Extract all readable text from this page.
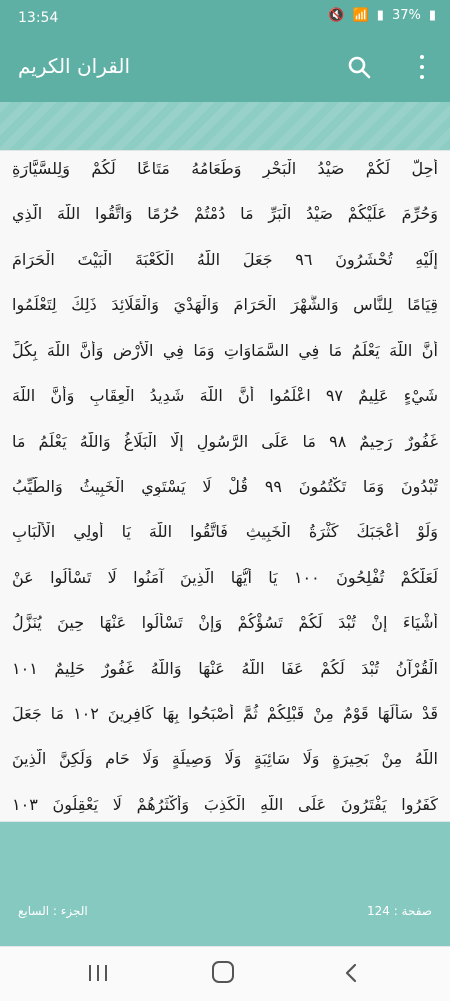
13:54	🔇 📶 ▮ 37% ▮
القران الكريم
أُحِلَّ لَكُمْ صَيْدُ الْبَحْرِ وَطَعَامُهُ مَتَاعًا لَكُمْ وَلِلسَّيَّارَةِ
وَحُرِّمَ عَلَيْكُمْ صَيْدُ الْبَرِّ مَا دُمْتُمْ حُرُمًا وَاتَّقُوا اللَّهَ الَّذِي
إِلَيْهِ تُحْشَرُونَ ٩٦ جَعَلَ اللَّهُ الْكَعْبَةَ الْبَيْتَ الْحَرَامَ
قِيَامًا لِلنَّاسِ وَالشَّهْرَ الْحَرَامَ وَالْهَدْيَ وَالْقَلَائِدَ ذَلِكَ لِتَعْلَمُوا
أَنَّ اللَّهَ يَعْلَمُ مَا فِي السَّمَاوَاتِ وَمَا فِي الْأَرْضِ وَأَنَّ اللَّهَ بِكُلِّ
شَيْءٍ عَلِيمٌ ٩٧ اعْلَمُوا أَنَّ اللَّهَ شَدِيدُ الْعِقَابِ وَأَنَّ اللَّهَ
غَفُورٌ رَحِيمٌ ٩٨ مَا عَلَى الرَّسُولِ إِلَّا الْبَلَاغُ وَاللَّهُ يَعْلَمُ مَا
تُبْدُونَ وَمَا تَكْتُمُونَ ٩٩ قُلْ لَا يَسْتَوِي الْخَبِيثُ وَالطَّيِّبُ
وَلَوْ أَعْجَبَكَ كَثْرَةُ الْخَبِيثِ فَاتَّقُوا اللَّهَ يَا أُولِي الْأَلْبَابِ
لَعَلَّكُمْ تُفْلِحُونَ ١٠٠ يَا أَيُّهَا الَّذِينَ آمَنُوا لَا تَسْأَلُوا عَنْ
أَشْيَاءَ إِنْ تُبْدَ لَكُمْ تَسُؤْكُمْ وَإِنْ تَسْأَلُوا عَنْهَا حِينَ يُنَزَّلُ
الْقُرْآنُ تُبْدَ لَكُمْ عَفَا اللَّهُ عَنْهَا وَاللَّهُ غَفُورٌ حَلِيمٌ ١٠١
قَدْ سَأَلَهَا قَوْمٌ مِنْ قَبْلِكُمْ ثُمَّ أَصْبَحُوا بِهَا كَافِرِينَ ١٠٢ مَا جَعَلَ
اللَّهُ مِنْ بَحِيرَةٍ وَلَا سَائِبَةٍ وَلَا وَصِيلَةٍ وَلَا حَامٍ وَلَكِنَّ الَّذِينَ
كَفَرُوا يَفْتَرُونَ عَلَى اللَّهِ الْكَذِبَ وَأَكْثَرُهُمْ لَا يَعْقِلُونَ ١٠٣
الجزء : السابع	صفحة : 124
